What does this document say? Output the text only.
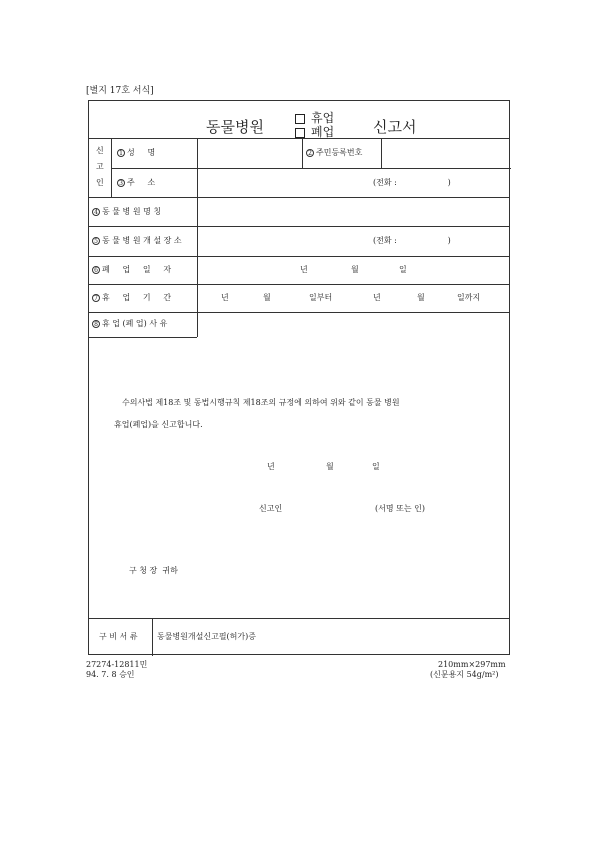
[별지 17호 서식]
동물병원	휴업
폐업	신고서
신
고
인
1 성     명	2 주민등록번호
3 주     소	(전화 :                    )
4 동 물 병 원 명 칭
5 동 물 병 원 개 설 장 소	(전화 :                    )
6 폐     업     일     자	년	월	일
7 휴     업     기     간	년	월	일부터	년	월	일까지
8 휴 업 (폐 업) 사 유
수의사법 제18조 및 동법시행규칙 제18조의 규정에 의하여 위와 같이 동물 병원
휴업(폐업)을 신고합니다.
년	월	일
신고인	(서명 또는 인)
구 청 장  귀하
구 비 서 류 동물병원개설신고필(허가)증
27274-12811민
94. 7. 8 승인
210mm×297mm
(신문용지 54g/m²)
